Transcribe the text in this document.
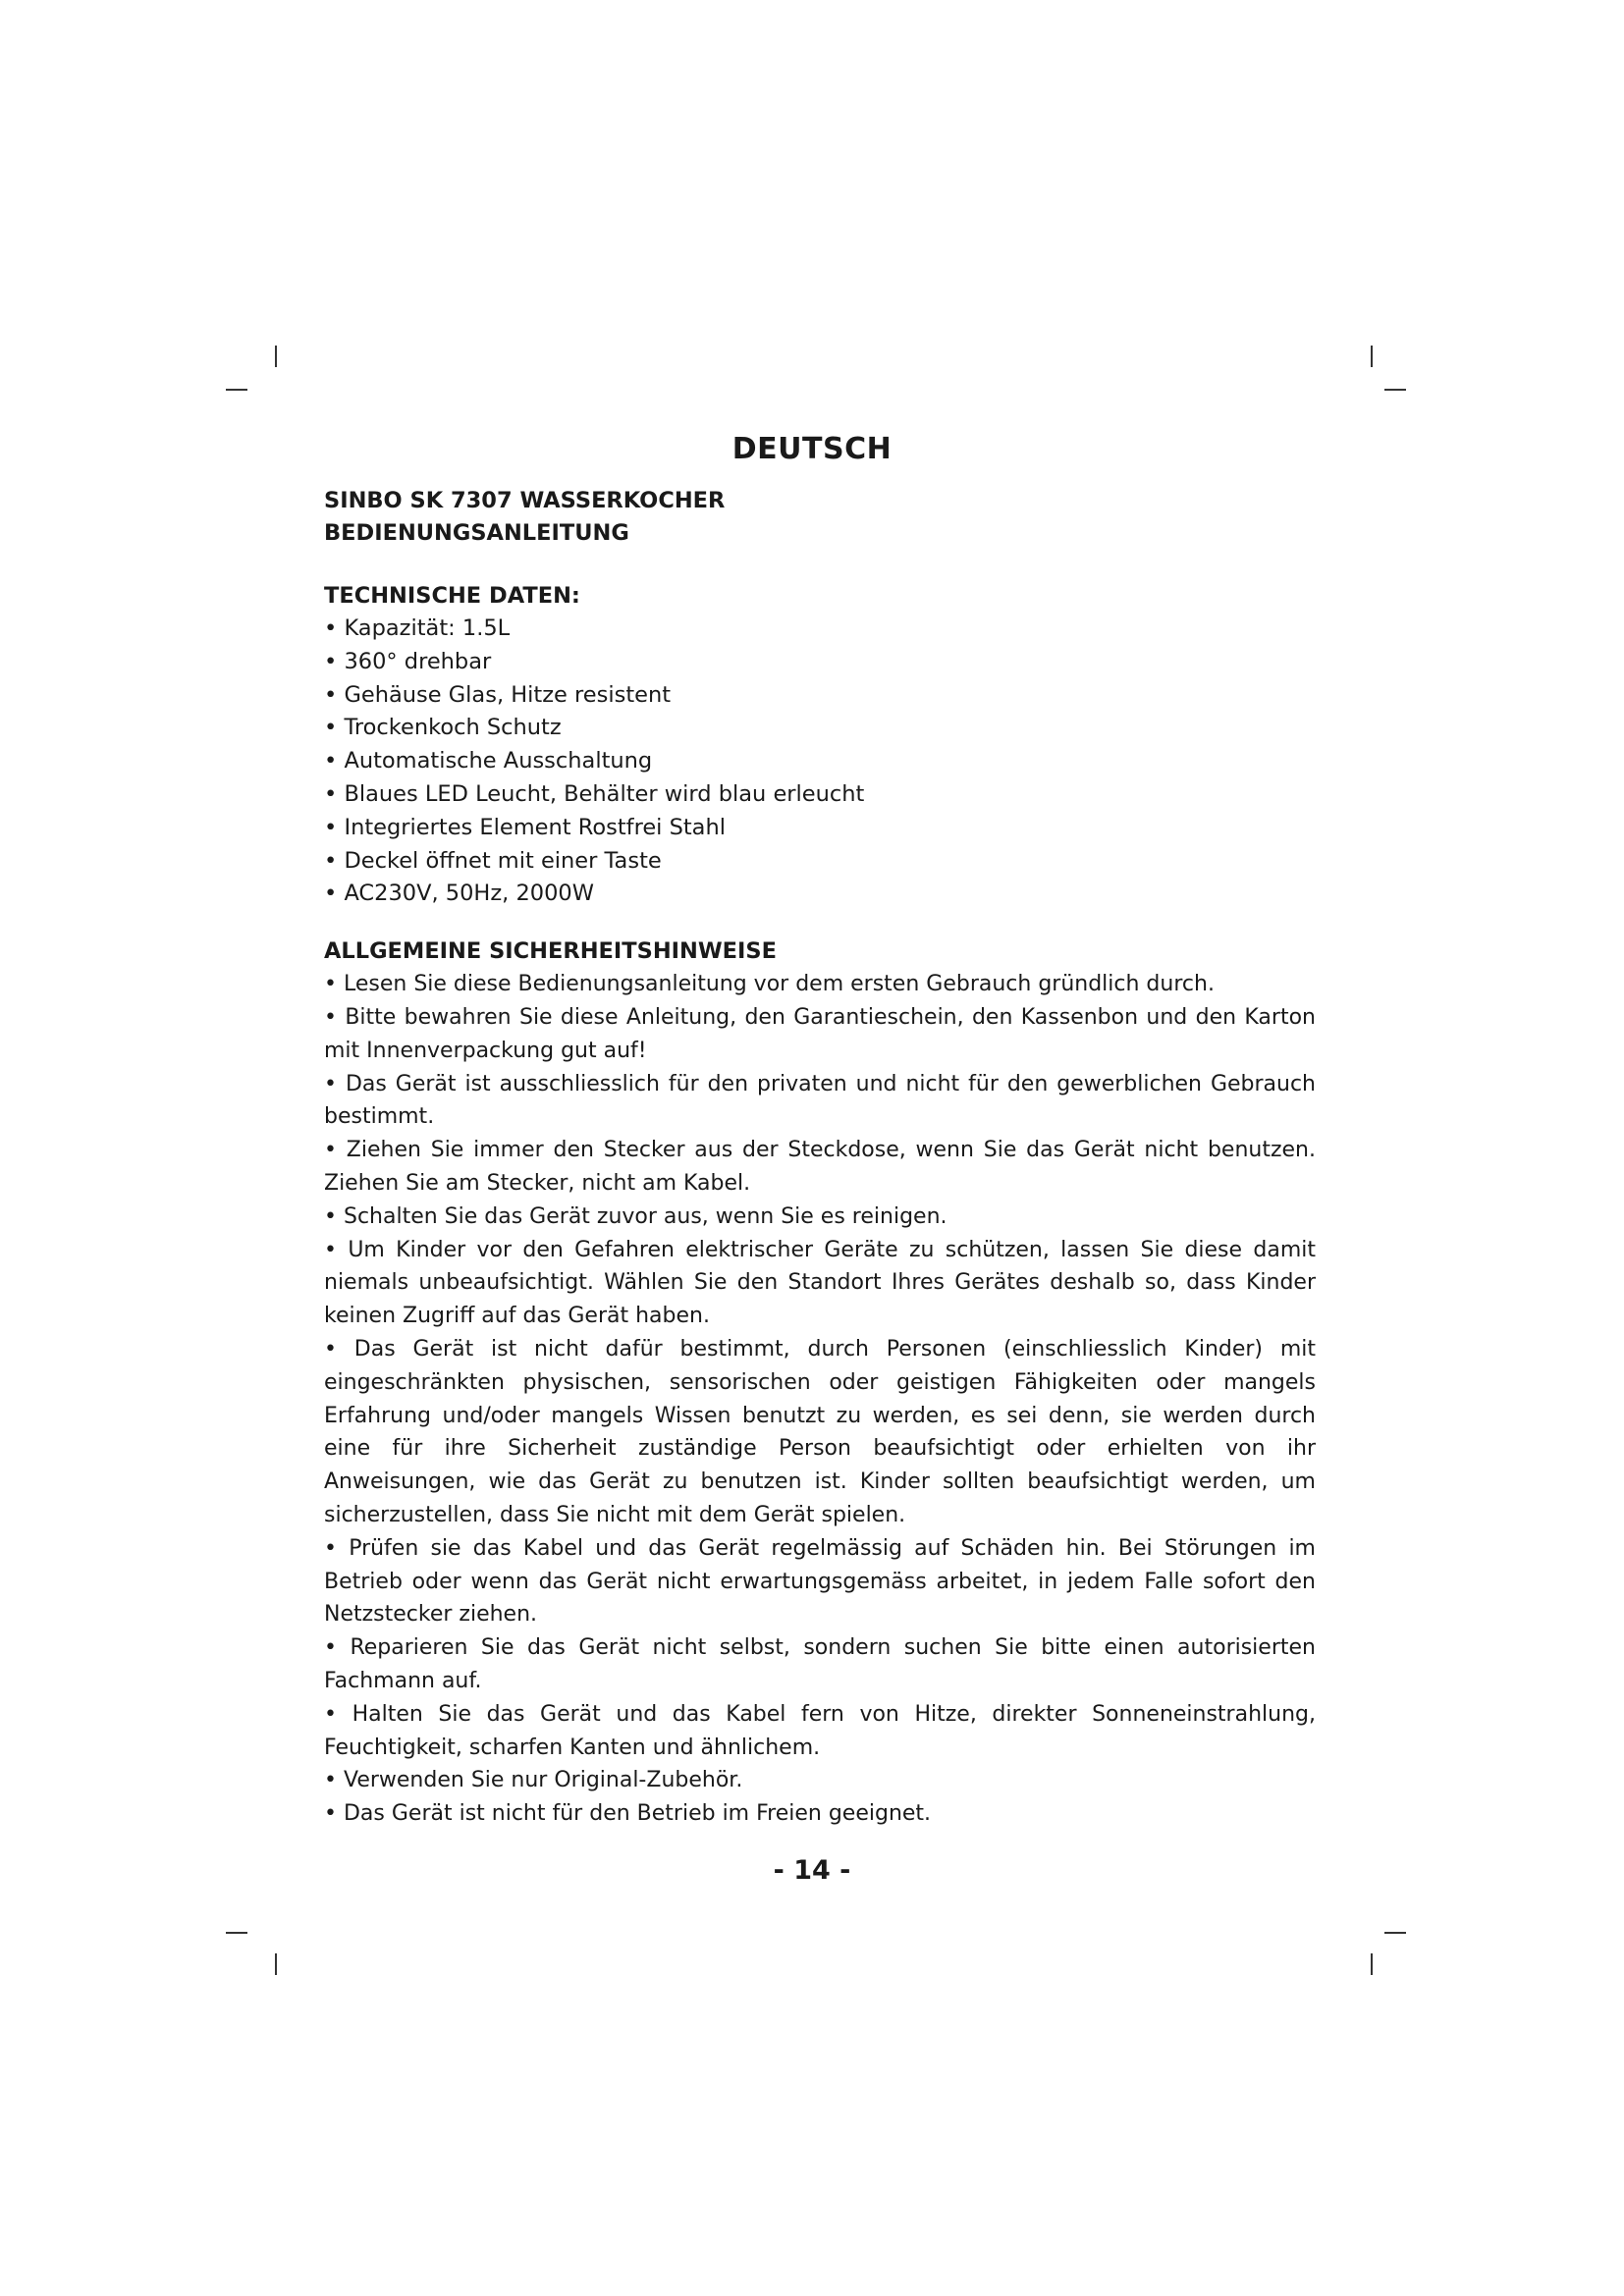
DEUTSCH
SINBO SK 7307 WASSERKOCHER
BEDIENUNGSANLEITUNG
TECHNISCHE DATEN:
• Kapazität: 1.5L
• 360° drehbar
• Gehäuse Glas, Hitze resistent
• Trockenkoch Schutz
• Automatische Ausschaltung
• Blaues LED Leucht, Behälter wird blau erleucht
• Integriertes Element Rostfrei Stahl
• Deckel öffnet mit einer Taste
• AC230V, 50Hz, 2000W
ALLGEMEINE SICHERHEITSHINWEISE
• Lesen Sie diese Bedienungsanleitung vor dem ersten Gebrauch gründlich durch.
• Bitte bewahren Sie diese Anleitung, den Garantieschein, den Kassenbon und den Karton mit Innenverpackung gut auf!
• Das Gerät ist ausschliesslich für den privaten und nicht für den gewerblichen Gebrauch bestimmt.
• Ziehen Sie immer den Stecker aus der Steckdose, wenn Sie das Gerät nicht benutzen. Ziehen Sie am Stecker, nicht am Kabel.
• Schalten Sie das Gerät zuvor aus, wenn Sie es reinigen.
• Um Kinder vor den Gefahren elektrischer Geräte zu schützen, lassen Sie diese damit niemals unbeaufsichtigt. Wählen Sie den Standort Ihres Gerätes deshalb so, dass Kinder keinen Zugriff auf das Gerät haben.
• Das Gerät ist nicht dafür bestimmt, durch Personen (einschliesslich Kinder) mit eingeschränkten physischen, sensorischen oder geistigen Fähigkeiten oder mangels Erfahrung und/oder mangels Wissen benutzt zu werden, es sei denn, sie werden durch eine für ihre Sicherheit zuständige Person beaufsichtigt oder erhielten von ihr Anweisungen, wie das Gerät zu benutzen ist. Kinder sollten beaufsichtigt werden, um sicherzustellen, dass Sie nicht mit dem Gerät spielen.
• Prüfen sie das Kabel und das Gerät regelmässig auf Schäden hin. Bei Störungen im Betrieb oder wenn das Gerät nicht erwartungsgemäss arbeitet, in jedem Falle sofort den Netzstecker ziehen.
• Reparieren Sie das Gerät nicht selbst, sondern suchen Sie bitte einen autorisierten Fachmann auf.
• Halten Sie das Gerät und das Kabel fern von Hitze, direkter Sonneneinstrahlung, Feuchtigkeit, scharfen Kanten und ähnlichem.
• Verwenden Sie nur Original-Zubehör.
• Das Gerät ist nicht für den Betrieb im Freien geeignet.
- 14 -
